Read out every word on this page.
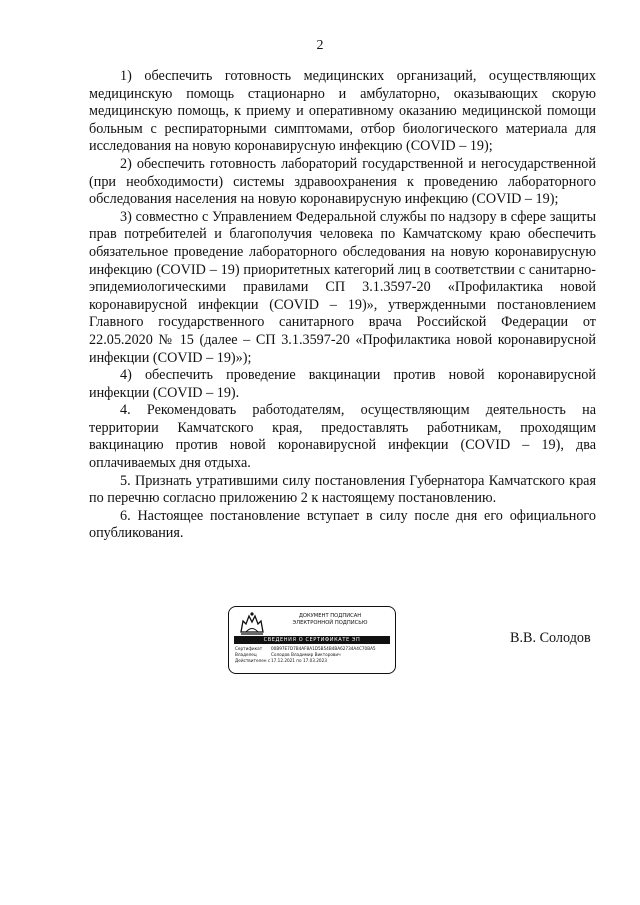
2

1) обеспечить готовность медицинских организаций, осуществляющих медицинскую помощь стационарно и амбулаторно, оказывающих скорую медицинскую помощь, к приему и оперативному оказанию медицинской помощи больным с респираторными симптомами, отбор биологического материала для исследования на новую коронавирусную инфекцию (COVID – 19);

2) обеспечить готовность лабораторий государственной и негосударственной (при необходимости) системы здравоохранения к проведению лабораторного обследования населения на новую коронавирусную инфекцию (COVID – 19);

3) совместно с Управлением Федеральной службы по надзору в сфере защиты прав потребителей и благополучия человека по Камчатскому краю обеспечить обязательное проведение лабораторного обследования на новую коронавирусную инфекцию (COVID – 19) приоритетных категорий лиц в соответствии с санитарно-эпидемиологическими правилами СП 3.1.3597-20 «Профилактика новой коронавирусной инфекции (COVID – 19)», утвержденными постановлением Главного государственного санитарного врача Российской Федерации от 22.05.2020 № 15 (далее – СП 3.1.3597-20 «Профилактика новой коронавирусной инфекции (COVID – 19)»);

4) обеспечить проведение вакцинации против новой коронавирусной инфекции (COVID – 19).

4. Рекомендовать работодателям, осуществляющим деятельность на территории Камчатского края, предоставлять работникам, проходящим вакцинацию против новой коронавирусной инфекции (COVID – 19), два оплачиваемых дня отдыха.

5. Признать утратившими силу постановления Губернатора Камчатского края по перечню согласно приложению 2 к настоящему постановлению.

6. Настоящее постановление вступает в силу после дня его официального опубликования.

ДОКУМЕНТ ПОДПИСАН
ЭЛЕКТРОННОЙ ПОДПИСЬЮ
СВЕДЕНИЯ О СЕРТИФИКАТЕ ЭП
Сертификат	00B97E7D7B4AF8A1D5B54B4BA62734A4C70BA5
Владелец	Солодов Владимир Викторович
Действителен с 17.12.2021 по 17.03.2023
В.В. Солодов
